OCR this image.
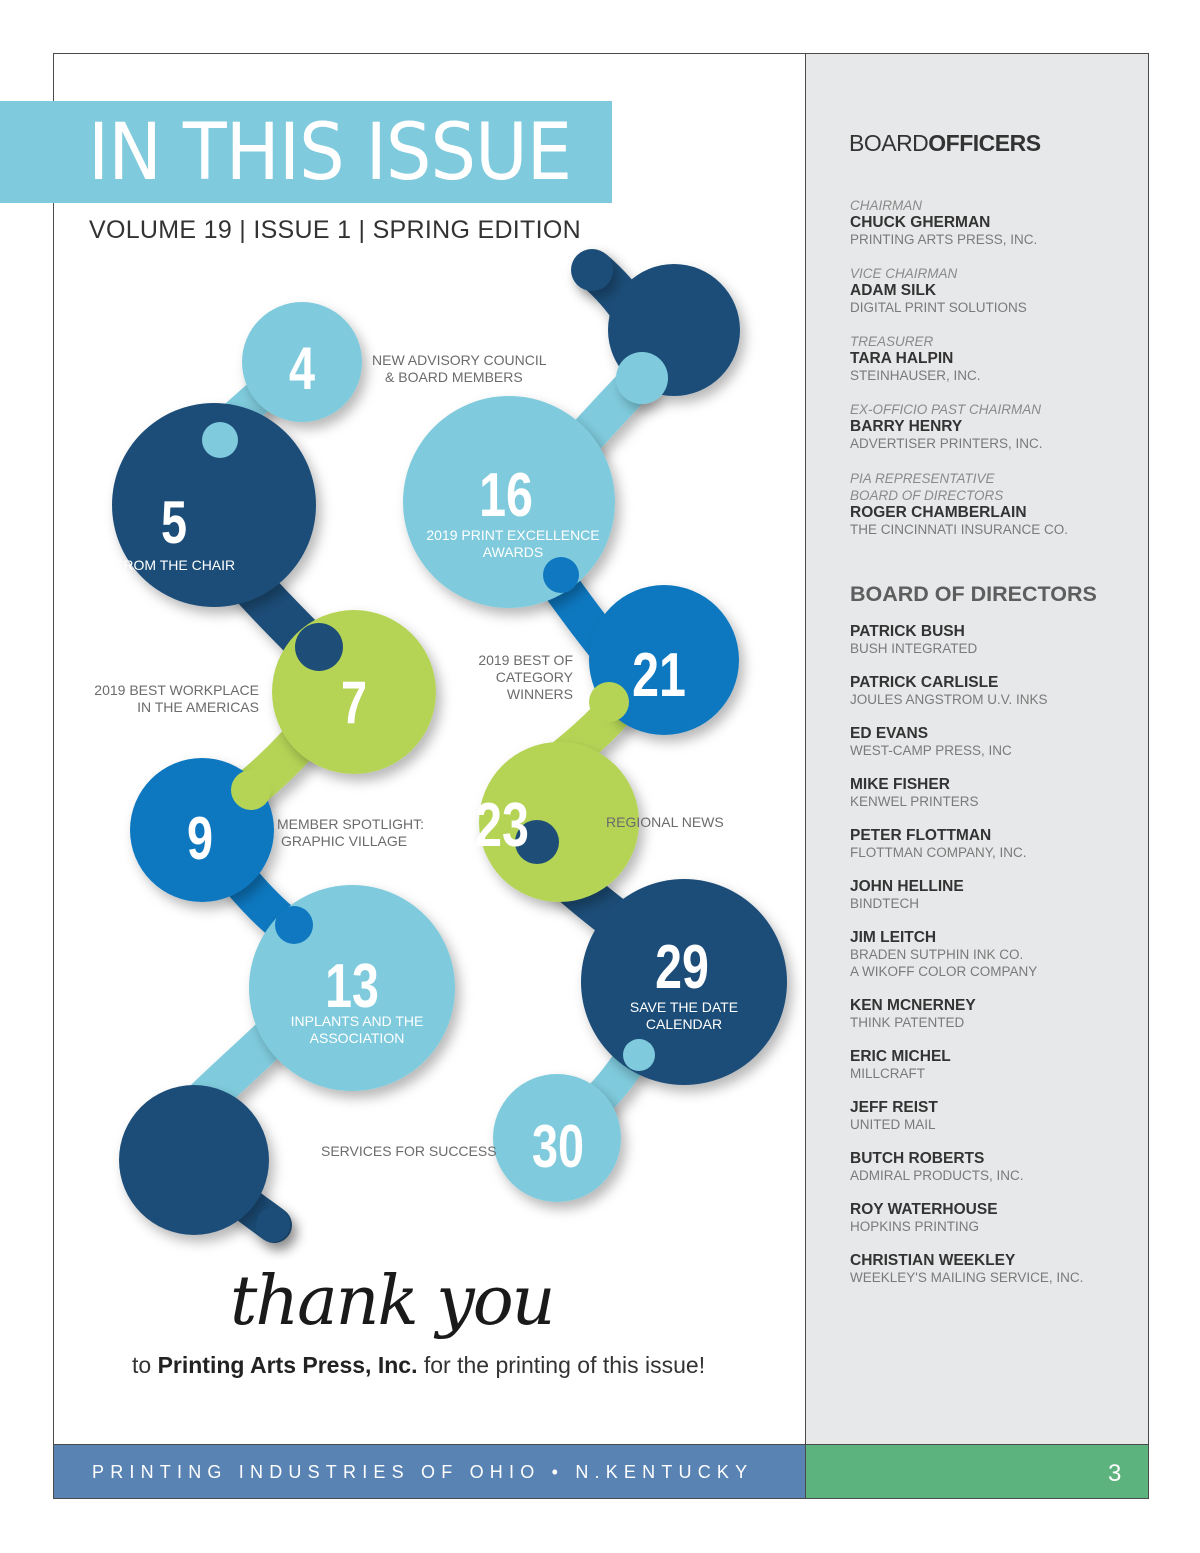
IN THIS ISSUE
VOLUME 19 | ISSUE 1 | SPRING EDITION
4
5
7
9
13
16
21
23
29
30
NEW ADVISORY COUNCIL
& BOARD MEMBERS
FROM THE CHAIR
2019 BEST WORKPLACE
IN THE AMERICAS
MEMBER SPOTLIGHT:
GRAPHIC VILLAGE
INPLANTS AND THE
ASSOCIATION
2019 PRINT EXCELLENCE
AWARDS
2019 BEST OF
CATEGORY
WINNERS
REGIONAL NEWS
SAVE THE DATE
CALENDAR
SERVICES FOR SUCCESS
thank you
to Printing Arts Press, Inc. for the printing of this issue!
BOARDOFFICERS
CHAIRMAN
CHUCK GHERMAN
PRINTING ARTS PRESS, INC.
VICE CHAIRMAN
ADAM SILK
DIGITAL PRINT SOLUTIONS
TREASURER
TARA HALPIN
STEINHAUSER, INC.
EX-OFFICIO PAST CHAIRMAN
BARRY HENRY
ADVERTISER PRINTERS, INC.
PIA REPRESENTATIVE
BOARD OF DIRECTORS
ROGER CHAMBERLAIN
THE CINCINNATI INSURANCE CO.
BOARD OF DIRECTORS
PATRICK BUSH
BUSH INTEGRATED
PATRICK CARLISLE
JOULES ANGSTROM U.V. INKS
ED EVANS
WEST-CAMP PRESS, INC
MIKE FISHER
KENWEL PRINTERS
PETER FLOTTMAN
FLOTTMAN COMPANY, INC.
JOHN HELLINE
BINDTECH
JIM LEITCH
BRADEN SUTPHIN INK CO.
A WIKOFF COLOR COMPANY
KEN MCNERNEY
THINK PATENTED
ERIC MICHEL
MILLCRAFT
JEFF REIST
UNITED MAIL
BUTCH ROBERTS
ADMIRAL PRODUCTS, INC.
ROY WATERHOUSE
HOPKINS PRINTING
CHRISTIAN WEEKLEY
WEEKLEY'S MAILING SERVICE, INC.
PRINTING INDUSTRIES OF OHIO • N.KENTUCKY	3
